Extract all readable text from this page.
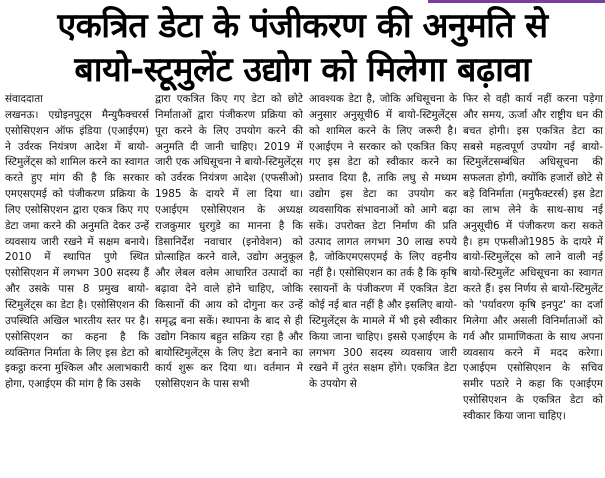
एकत्रित डेटा के पंजीकरण की अनुमति से
बायो-स्टूमुलेंट उद्योग को मिलेगा बढ़ावा

संवाददाता

लखनऊ। एग्रोइनपुट्स मैन्युफैक्चरर्स एसोसिएशन ऑफ इंडिया (एआईएम) ने उर्वरक नियंत्रण आदेश में बायो-स्टिमुलेंट्स को शामिल करने का स्वागत करते हुए मांग की है कि सरकार एमएसएमई को पंजीकरण प्रक्रिया के लिए एसोसिएशन द्वारा एकत्र किए गए डेटा जमा करने की अनुमति देकर उन्हें व्यवसाय जारी रखने में सक्षम बनाये। 2010 में स्थापित पुणे स्थित एसोसिएशन में लगभग 300 सदस्य हैं और उसके पास 8 प्रमुख बायो-स्टिमुलेंट्स का डेटा है। एसोसिएशन की उपस्थिति अखिल भारतीय स्तर पर है। एसोसिएशन का कहना है कि व्यक्तिगत निर्माता के लिए इस डेटा को इकट्ठा करना मुश्किल और अलाभकारी होगा, एआईएम की मांग है कि उसके

द्वारा एकत्रित किए गए डेटा को छोटे निर्माताओं द्वारा पंजीकरण प्रक्रिया को पूरा करने के लिए उपयोग करने की अनुमति दी जानी चाहिए। 2019 में जारी एक अधिसूचना ने बायो-स्टिमुलेंट्स को उर्वरक नियंत्रण आदेश (एफसीओ) 1985 के दायरे में ला दिया था। एआईएम एसोसिएशन के अध्यक्ष राजकुमार धुरगुडे का मानना है कि डिसानिर्देश नवाचार (इनोवेशन) को प्रोत्साहित करने वाले, उद्योग अनुकूल और लेबल वलेम आधारित उत्पादों का बढ़ावा देने वाले होने चाहिए, जोकि किसानों की आय को दोगुना कर उन्हें समृद्ध बना सकें। स्थापना के बाद से ही उद्योग निकाय बहुत सक्रिय रहा है और बायोस्टिमुलेंट्स के लिए डेटा बनाने का कार्य शुरू कर दिया था। वर्तमान मे एसोसिएशन के पास सभी

आवश्यक डेटा है, जोकि अधिसूचना के अनुसार अनुसूची6 में बायो-स्टिमुलेंट्स को शामिल करने के लिए जरूरी है। एआईएम ने सरकार को एकत्रित किए गए इस डेटा को स्वीकार करने का प्रस्ताव दिया है, ताकि लघु से मध्यम उद्योग इस डेटा का उपयोग कर व्यवसायिक संभावनाओं को आगे बढ़ा सकें। उपरोक्त डेटा निर्माण की प्रति उत्पाद लागत लगभग 30 लाख रुपये है, जोकिएमएसएमई के लिए वहनीय नहीं है। एसोसिएशन का तर्क है कि कृषि रसायनों के पंजीकरण में एकत्रित डेटा कोई नई बात नहीं है और इसलिए बायो-स्टिमुलेंट्स के मामले में भी इसे स्वीकार किया जाना चाहिए। इससे एआईएम के लगभग 300 सदस्य व्यवसाय जारी रखने में तुरंत सक्षम होंगे। एकत्रित डेटा के उपयोग से

फिर से वही कार्य नहीं करना पड़ेगा और समय, ऊर्जा और राष्ट्रीय धन की बचत होगी। इस एकत्रित डेटा का सबसे महत्वपूर्ण उपयोग नई बायो-स्टिमुलेंटसम्बंधित अधिसूचना की सफलता होगी, क्योंकि हजारों छोटे से बड़े विनिर्माता (मनुफैक्टरर्स) इस डेटा का लाभ लेने के साथ-साथ नई अनुसूची6 में पंजीकरण करा सकते है। हम एफसीओ1985 के दायरे में बायो-स्टिमुलेंट्स को लाने वाली नई बायो-स्टिमुलेंट अधिसूचना का स्वागत करते हैं। इस निर्णय से बायो-स्टिमुलेंट को 'पर्यावरण कृषि इनपुट' का दर्जा मिलेगा और असली विनिर्माताओं को गर्व और प्रामाणिकता के साथ अपना व्यवसाय करने में मदद करेगा। एआईएम एसोसिएशन के सचिव समीर पठारे ने कहा कि एआईएम एसोसिएशन के एकत्रित डेटा को स्वीकार किया जाना चाहिए।
